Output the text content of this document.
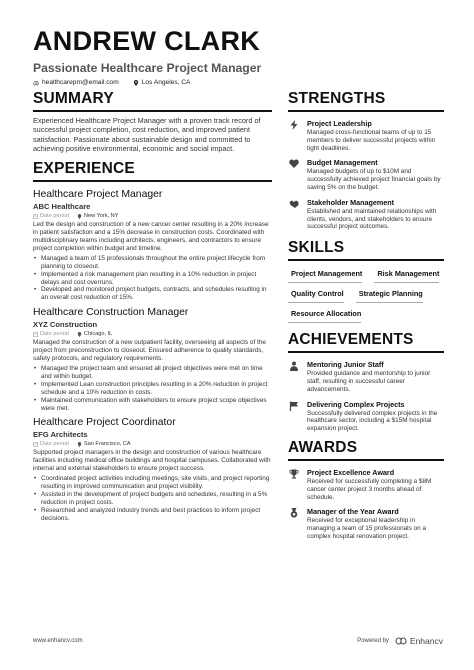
ANDREW CLARK
Passionate Healthcare Project Manager
@ healthcarepm@email.com	Los Angeles, CA
SUMMARY
Experienced Healthcare Project Manager with a proven track record of successful project completion, cost reduction, and improved patient satisfaction. Passionate about sustainable design and committed to achieving positive environmental, economic and social impact.
EXPERIENCE
Healthcare Project Manager
ABC Healthcare
Date period	New York, NY
Led the design and construction of a new cancer center resulting in a 20% increase in patient satisfaction and a 15% decrease in construction costs. Coordinated with multidisciplinary teams including architects, engineers, and contractors to ensure project completion within budget and timeline.
• Managed a team of 15 professionals throughout the entire project lifecycle from planning to closeout.
• Implemented a risk management plan resulting in a 10% reduction in project delays and cost overruns.
• Developed and monitored project budgets, contracts, and schedules resulting in an overall cost reduction of 15%.
Healthcare Construction Manager
XYZ Construction
Date period	Chicago, IL
Managed the construction of a new outpatient facility, overseeing all aspects of the project from preconstruction to closeout. Ensured adherence to quality standards, safety protocols, and regulatory requirements.
• Managed the project team and ensured all project objectives were met on time and within budget.
• Implemented Lean construction principles resulting in a 20% reduction in project schedule and a 10% reduction in costs.
• Maintained communication with stakeholders to ensure project scope objectives were met.
Healthcare Project Coordinator
EFG Architects
Date period	San Francisco, CA
Supported project managers in the design and construction of various healthcare facilities including medical office buildings and hospital campuses. Collaborated with internal and external stakeholders to ensure project success.
• Coordinated project activities including meetings, site visits, and project reporting resulting in improved communication and project visibility.
• Assisted in the development of project budgets and schedules, resulting in a 5% reduction in project costs.
• Researched and analyzed industry trends and best practices to inform project decisions.
STRENGTHS
Project Leadership
Managed cross-functional teams of up to 15 members to deliver successful projects within tight deadlines.
Budget Management
Managed budgets of up to $10M and successfully achieved project financial goals by saving 5% on the budget.
Stakeholder Management
Established and maintained relationships with clients, vendors, and stakeholders to ensure successful project outcomes.
SKILLS
Project Management	Risk Management
Quality Control	Strategic Planning
Resource Allocation
ACHIEVEMENTS
Mentoring Junior Staff
Provided guidance and mentorship to junior staff, resulting in successful career advancements.
Delivering Complex Projects
Successfully delivered complex projects in the healthcare sector, including a $15M hospital expansion project.
AWARDS
Project Excellence Award
Received for successfully completing a $8M cancer center project 3 months ahead of schedule.
Manager of the Year Award
Received for exceptional leadership in managing a team of 15 professionals on a complex hospital renovation project.
www.enhancv.com	Powered by Enhancv
